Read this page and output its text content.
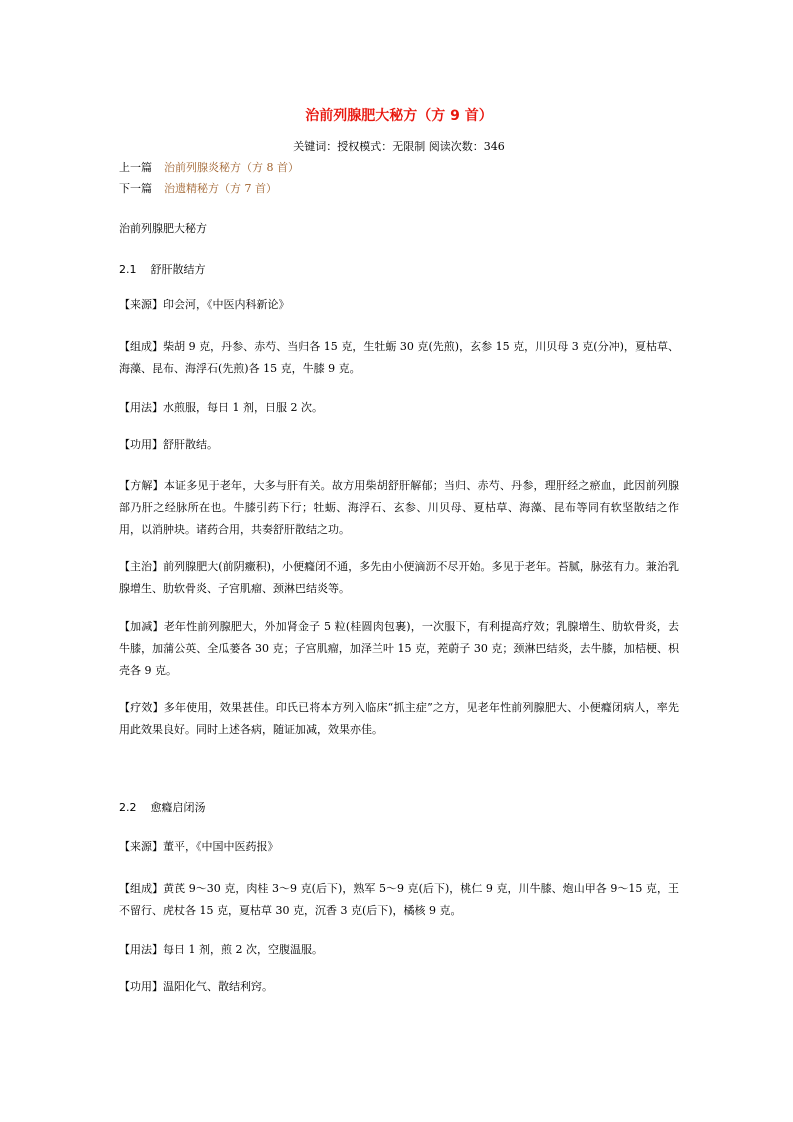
治前列腺肥大秘方（方 9 首）
关键词：授权模式：无限制 阅读次数：346
上一篇 治前列腺炎秘方（方 8 首）
下一篇 治遗精秘方（方 7 首）

治前列腺肥大秘方

2.1 舒肝散结方

【来源】印会河，《中医内科新论》

【组成】柴胡 9 克，丹参、赤芍、当归各 15 克，生牡蛎 30 克(先煎)，玄参 15 克，川贝母 3 克(分冲)，夏枯草、海藻、昆布、海浮石(先煎)各 15 克，牛膝 9 克。

【用法】水煎服，每日 1 剂，日服 2 次。

【功用】舒肝散结。

【方解】本证多见于老年，大多与肝有关。故方用柴胡舒肝解郁；当归、赤芍、丹参，理肝经之瘀血，此因前列腺部乃肝之经脉所在也。牛膝引药下行；牡蛎、海浮石、玄参、川贝母、夏枯草、海藻、昆布等同有软坚散结之作用，以消肿块。诸药合用，共奏舒肝散结之功。

【主治】前列腺肥大(前阴癥积)，小便癃闭不通，多先由小便滴沥不尽开始。多见于老年。苔腻，脉弦有力。兼治乳腺增生、肋软骨炎、子宫肌瘤、颈淋巴结炎等。

【加减】老年性前列腺肥大，外加肾金子 5 粒(桂圆肉包裹)，一次服下，有利提高疗效；乳腺增生、肋软骨炎，去牛膝，加蒲公英、全瓜蒌各 30 克；子宫肌瘤，加泽兰叶 15 克，茺蔚子 30 克；颈淋巴结炎，去牛膝，加桔梗、枳壳各 9 克。

【疗效】多年使用，效果甚佳。印氏已将本方列入临床“抓主症”之方，见老年性前列腺肥大、小便癃闭病人，率先用此效果良好。同时上述各病，随证加减，效果亦佳。

2.2 愈癃启闭汤

【来源】董平，《中国中医药报》

【组成】黄芪 9～30 克，肉桂 3～9 克(后下)，熟军 5～9 克(后下)，桃仁 9 克，川牛膝、炮山甲各 9～15 克，王不留行、虎杖各 15 克，夏枯草 30 克，沉香 3 克(后下)，橘核 9 克。

【用法】每日 1 剂，煎 2 次，空腹温服。

【功用】温阳化气、散结利窍。
